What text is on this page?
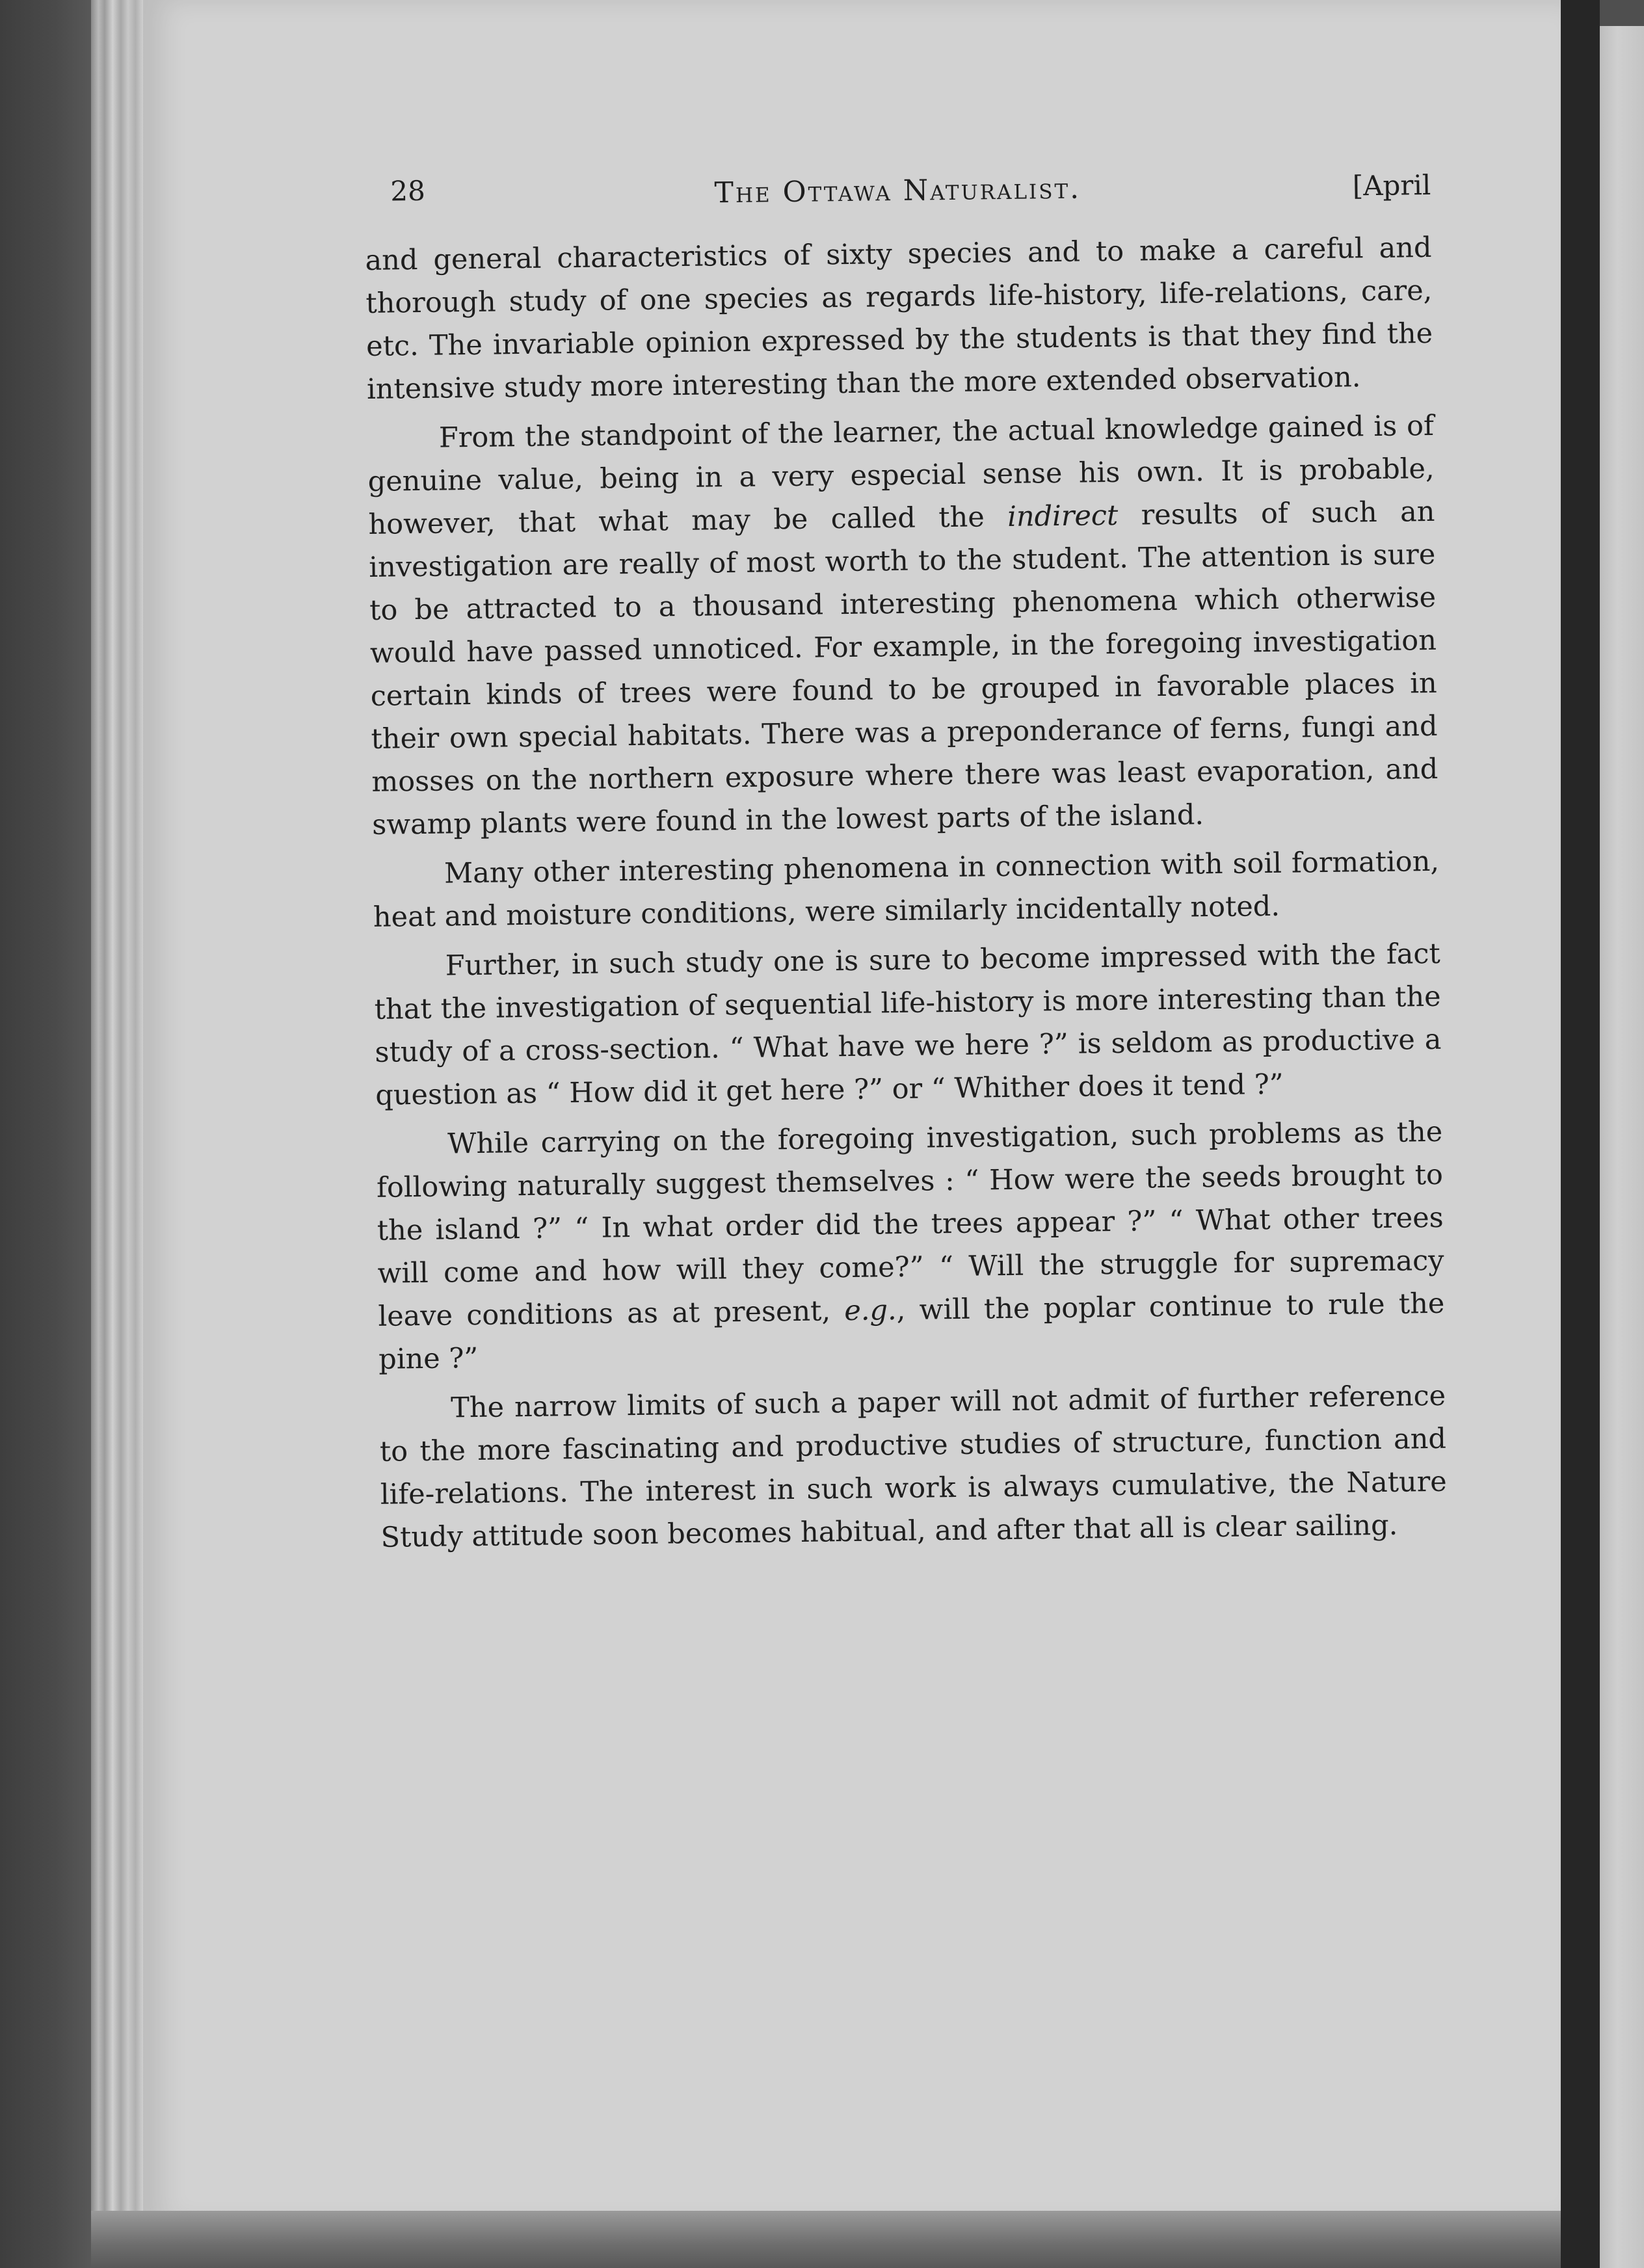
28	The Ottawa Naturalist.	[April

and general characteristics of sixty species and to make a careful and thorough study of one species as regards life-history, life-relations, care, etc. The invariable opinion expressed by the students is that they find the intensive study more interesting than the more extended observation.

From the standpoint of the learner, the actual knowledge gained is of genuine value, being in a very especial sense his own. It is probable, however, that what may be called the indirect results of such an investigation are really of most worth to the student. The attention is sure to be attracted to a thousand interesting phenomena which otherwise would have passed unnoticed. For example, in the foregoing investigation certain kinds of trees were found to be grouped in favorable places in their own special habitats. There was a preponderance of ferns, fungi and mosses on the northern exposure where there was least evaporation, and swamp plants were found in the lowest parts of the island.

Many other interesting phenomena in connection with soil formation, heat and moisture conditions, were similarly incidentally noted.

Further, in such study one is sure to become impressed with the fact that the investigation of sequential life-history is more interesting than the study of a cross-section. “ What have we here ?” is seldom as productive a question as “ How did it get here ?” or “ Whither does it tend ?”

While carrying on the foregoing investigation, such problems as the following naturally suggest themselves : “ How were the seeds brought to the island ?” “ In what order did the trees appear ?” “ What other trees will come and how will they come?” “ Will the struggle for supremacy leave conditions as at present, e.g., will the poplar continue to rule the pine ?”

The narrow limits of such a paper will not admit of further reference to the more fascinating and productive studies of structure, function and life-relations. The interest in such work is always cumulative, the Nature Study attitude soon becomes habitual, and after that all is clear sailing.
